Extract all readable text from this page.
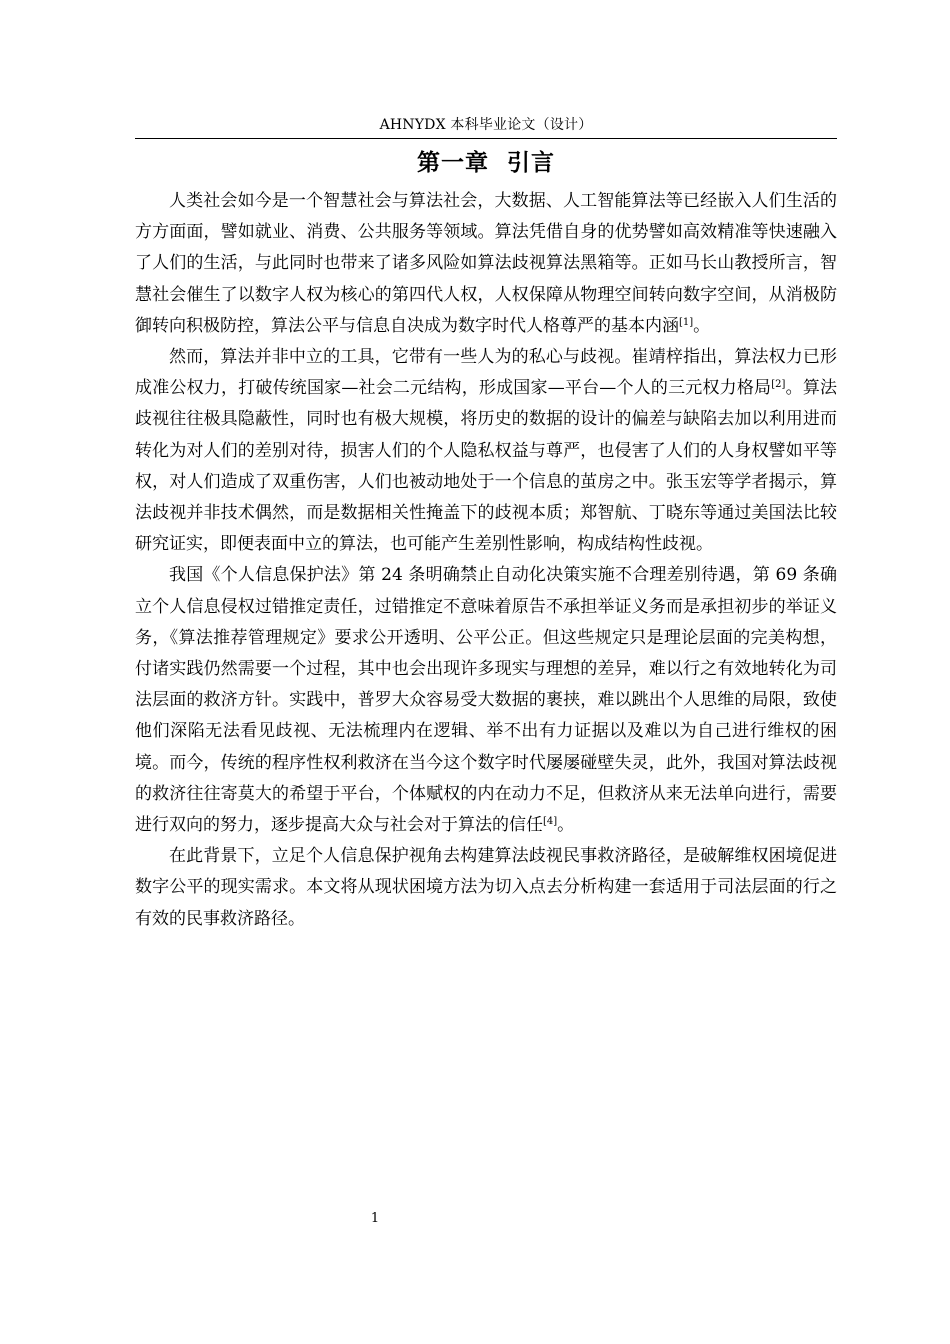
AHNYDX 本科毕业论文（设计）
第一章  引言

人类社会如今是一个智慧社会与算法社会，大数据、人工智能算法等已经嵌入人们生活的方方面面，譬如就业、消费、公共服务等领域。算法凭借自身的优势譬如高效精准等快速融入了人们的生活，与此同时也带来了诸多风险如算法歧视算法黑箱等。正如马长山教授所言，智慧社会催生了以数字人权为核心的第四代人权，人权保障从物理空间转向数字空间，从消极防御转向积极防控，算法公平与信息自决成为数字时代人格尊严的基本内涵[1]。

然而，算法并非中立的工具，它带有一些人为的私心与歧视。崔靖梓指出，算法权力已形成准公权力，打破传统国家—社会二元结构，形成国家—平台—个人的三元权力格局[2]。算法歧视往往极具隐蔽性，同时也有极大规模，将历史的数据的设计的偏差与缺陷去加以利用进而转化为对人们的差别对待，损害人们的个人隐私权益与尊严，也侵害了人们的人身权譬如平等权，对人们造成了双重伤害，人们也被动地处于一个信息的茧房之中。张玉宏等学者揭示，算法歧视并非技术偶然，而是数据相关性掩盖下的歧视本质；郑智航、丁晓东等通过美国法比较研究证实，即便表面中立的算法，也可能产生差别性影响，构成结构性歧视。

我国《个人信息保护法》第 24 条明确禁止自动化决策实施不合理差别待遇，第 69 条确立个人信息侵权过错推定责任，过错推定不意味着原告不承担举证义务而是承担初步的举证义务，《算法推荐管理规定》要求公开透明、公平公正。但这些规定只是理论层面的完美构想，付诸实践仍然需要一个过程，其中也会出现许多现实与理想的差异，难以行之有效地转化为司法层面的救济方针。实践中，普罗大众容易受大数据的裹挟，难以跳出个人思维的局限，致使他们深陷无法看见歧视、无法梳理内在逻辑、举不出有力证据以及难以为自己进行维权的困境。而今，传统的程序性权利救济在当今这个数字时代屡屡碰壁失灵，此外，我国对算法歧视的救济往往寄莫大的希望于平台，个体赋权的内在动力不足，但救济从来无法单向进行，需要进行双向的努力，逐步提高大众与社会对于算法的信任[4]。

在此背景下，立足个人信息保护视角去构建算法歧视民事救济路径，是破解维权困境促进数字公平的现实需求。本文将从现状困境方法为切入点去分析构建一套适用于司法层面的行之有效的民事救济路径。

1
